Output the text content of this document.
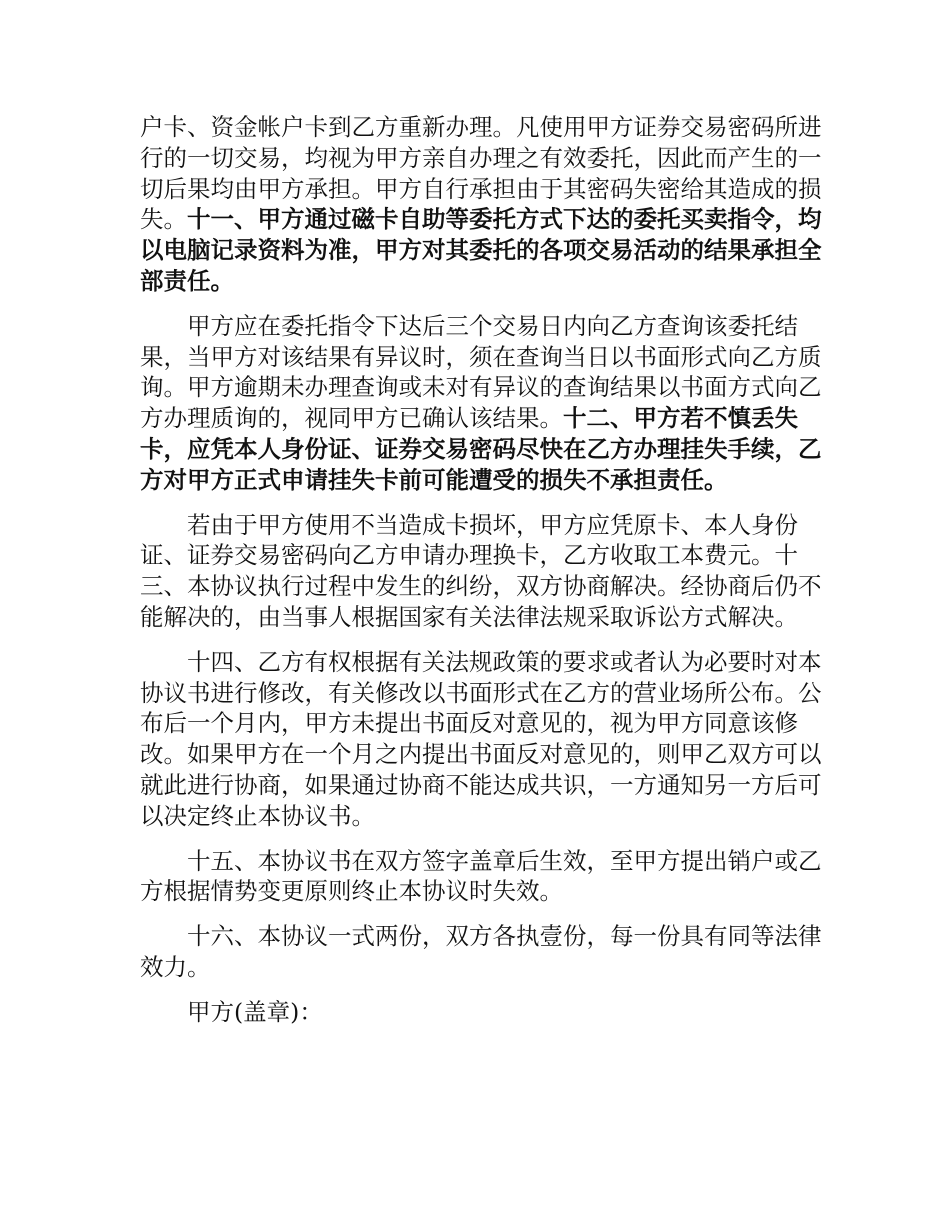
户卡、资金帐户卡到乙方重新办理。凡使用甲方证券交易密码所进行的一切交易，均视为甲方亲自办理之有效委托，因此而产生的一切后果均由甲方承担。甲方自行承担由于其密码失密给其造成的损失。十一、甲方通过磁卡自助等委托方式下达的委托买卖指令，均以电脑记录资料为准，甲方对其委托的各项交易活动的结果承担全部责任。

甲方应在委托指令下达后三个交易日内向乙方查询该委托结果，当甲方对该结果有异议时，须在查询当日以书面形式向乙方质询。甲方逾期未办理查询或未对有异议的查询结果以书面方式向乙方办理质询的，视同甲方已确认该结果。十二、甲方若不慎丢失卡，应凭本人身份证、证券交易密码尽快在乙方办理挂失手续，乙方对甲方正式申请挂失卡前可能遭受的损失不承担责任。

若由于甲方使用不当造成卡损坏，甲方应凭原卡、本人身份证、证券交易密码向乙方申请办理换卡，乙方收取工本费元。十三、本协议执行过程中发生的纠纷，双方协商解决。经协商后仍不能解决的，由当事人根据国家有关法律法规采取诉讼方式解决。

十四、乙方有权根据有关法规政策的要求或者认为必要时对本协议书进行修改，有关修改以书面形式在乙方的营业场所公布。公布后一个月内，甲方未提出书面反对意见的，视为甲方同意该修改。如果甲方在一个月之内提出书面反对意见的，则甲乙双方可以就此进行协商，如果通过协商不能达成共识，一方通知另一方后可以决定终止本协议书。

十五、本协议书在双方签字盖章后生效，至甲方提出销户或乙方根据情势变更原则终止本协议时失效。

十六、本协议一式两份，双方各执壹份，每一份具有同等法律效力。

甲方(盖章)：
